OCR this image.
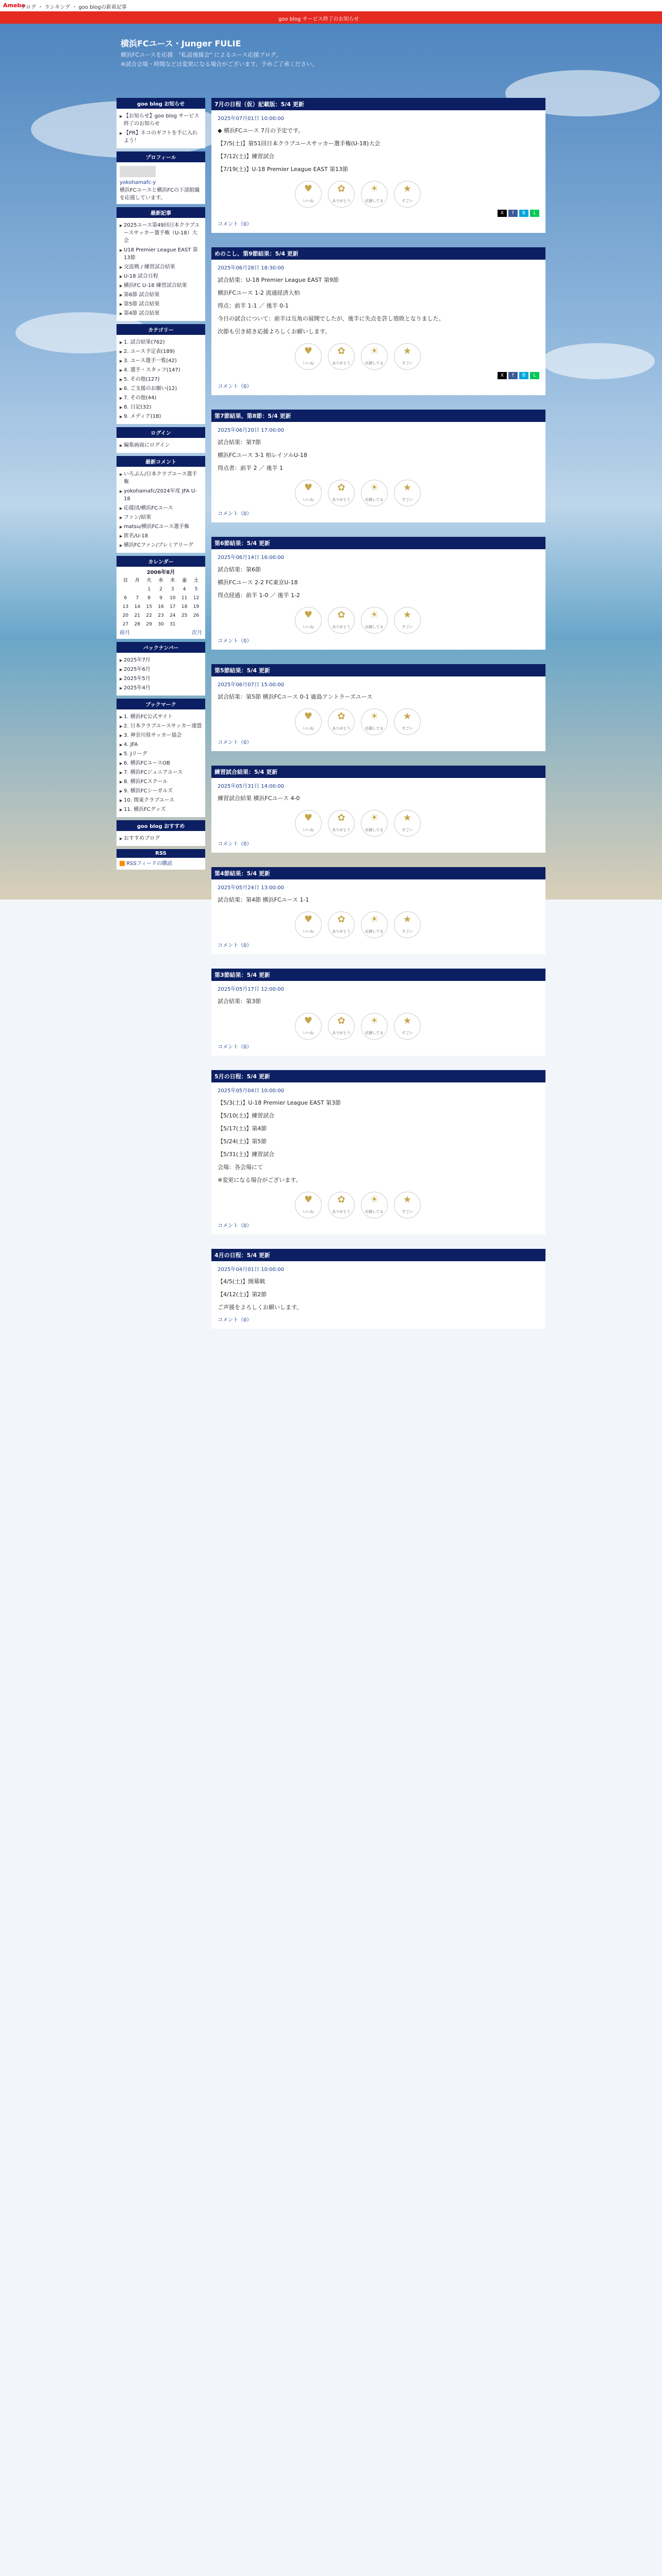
Ameba
ブログ ・ ランキング ・ goo blogの新着記事
goo blog サービス終了のお知らせ
横浜FCユース・Junger FULIE
横浜FCユースを応援　"私設後援会" によるユース応援ブログ。
※試合会場・時間などは変更になる場合がございます。予めご了承ください。
goo blog お知らせ
▶ 【お知らせ】goo blog サービス終了のお知らせ
▶ 【PR】ネコのギフトを手に入れよう！
プロフィール
yokohamafc-y
横浜FCユースと横浜FCの下部組織を応援しています。
最新記事
▶ 2025ユース第49回日本クラブユースサッカー選手権（U-18）大会
▶ U18 Premier League EAST 第13節
▶ 交流戦 / 練習試合結果
▶ U-18 試合日程
▶ 横浜FC U-18 練習試合結果
▶ 第6節 試合結果
▶ 第5節 試合結果
▶ 第4節 試合結果
カテゴリー
▶ 1. 試合結果(762)
▶ 2. ユース予定表(189)
▶ 3. ユース選手一覧(42)
▶ 4. 選手・スタッフ(147)
▶ 5. その他(127)
▶ 6. ご支援のお願い(12)
▶ 7. その他(44)
▶ 8. 日記(32)
▶ 9. メディア(18)
ログイン
▶ 編集画面にログイン
最新コメント
▶ いろぶん/日本クラブユース選手権
▶ yokohamafc/2024年度 JFA U-18
▶ 応援団/横浜FCユース
▶ ファン/結果
▶ matsu/横浜FCユース選手権
▶ 匿名/U-18
▶ 横浜FCファン/プレミアリーグ
カレンダー
2006年8月
日	月	火	水	木	金	土
		1	2	3	4	5
6	7	8	9	10	11	12
13	14	15	16	17	18	19
20	21	22	23	24	25	26
27	28	29	30	31		
前月	次月
バックナンバー
▶ 2025年7月
▶ 2025年6月
▶ 2025年5月
▶ 2025年4月
ブックマーク
▶ 1. 横浜FC公式サイト
▶ 2. 日本クラブユースサッカー連盟
▶ 3. 神奈川県サッカー協会
▶ 4. JFA
▶ 5. Jリーグ
▶ 6. 横浜FCユースOB
▶ 7. 横浜FCジュニアユース
▶ 8. 横浜FCスクール
▶ 9. 横浜FCシーガルズ
▶ 10. 関東クラブユース
▶ 11. 横浜FCグッズ
goo blog おすすめ
▶ おすすめブログ
RSS
RSSフィードの購読
7月の日程（仮）記載版：5/4 更新
2025年07月01日 10:00:00

◆ 横浜FCユース 7月の予定です。

【7/5(土)】第51回日本クラブユースサッカー選手権(U-18)大会

【7/12(土)】練習試合

【7/19(土)】U-18 Premier League EAST 第13節

♥
いいね
✿
ありがとう
☀
応援してる
★
すごい
X	f	B	L
コメント（0）
めのこし、第9節結果：5/4 更新
2025年06月28日 18:30:00

試合結果：U-18 Premier League EAST 第9節

横浜FCユース 1-2 流通経済大柏

得点：前半 1-1 ／ 後半 0-1

今日の試合について：前半は互角の展開でしたが、後半に失点を許し惜敗となりました。

次節も引き続き応援よろしくお願いします。

♥
いいね
✿
ありがとう
☀
応援してる
★
すごい
X	f	B	L
コメント（0）
第7節結果、第8節：5/4 更新
2025年06月20日 17:00:00

試合結果：第7節

横浜FCユース 3-1 柏レイソルU-18

得点者：前半 2 ／ 後半 1

♥
いいね
✿
ありがとう
☀
応援してる
★
すごい
コメント（0）
第6節結果：5/4 更新
2025年06月14日 16:00:00

試合結果：第6節

横浜FCユース 2-2 FC東京U-18

得点経過：前半 1-0 ／ 後半 1-2

♥
いいね
✿
ありがとう
☀
応援してる
★
すごい
コメント（0）
第5節結果：5/4 更新
2025年06月07日 15:00:00

試合結果：第5節 横浜FCユース 0-1 鹿島アントラーズユース

♥
いいね
✿
ありがとう
☀
応援してる
★
すごい
コメント（0）
練習試合結果：5/4 更新
2025年05月31日 14:00:00

練習試合結果 横浜FCユース 4-0

♥
いいね
✿
ありがとう
☀
応援してる
★
すごい
コメント（0）
第4節結果：5/4 更新
2025年05月24日 13:00:00

試合結果：第4節 横浜FCユース 1-1

♥
いいね
✿
ありがとう
☀
応援してる
★
すごい
コメント（0）
第3節結果：5/4 更新
2025年05月17日 12:00:00

試合結果：第3節

♥
いいね
✿
ありがとう
☀
応援してる
★
すごい
コメント（0）
5月の日程：5/4 更新
2025年05月04日 10:00:00

【5/3(土)】U-18 Premier League EAST 第3節

【5/10(土)】練習試合

【5/17(土)】第4節

【5/24(土)】第5節

【5/31(土)】練習試合

会場：各会場にて

※変更になる場合がございます。

♥
いいね
✿
ありがとう
☀
応援してる
★
すごい
コメント（0）
4月の日程：5/4 更新
2025年04月01日 10:00:00

【4/5(土)】開幕戦

【4/12(土)】第2節

ご声援をよろしくお願いします。

コメント（0）
